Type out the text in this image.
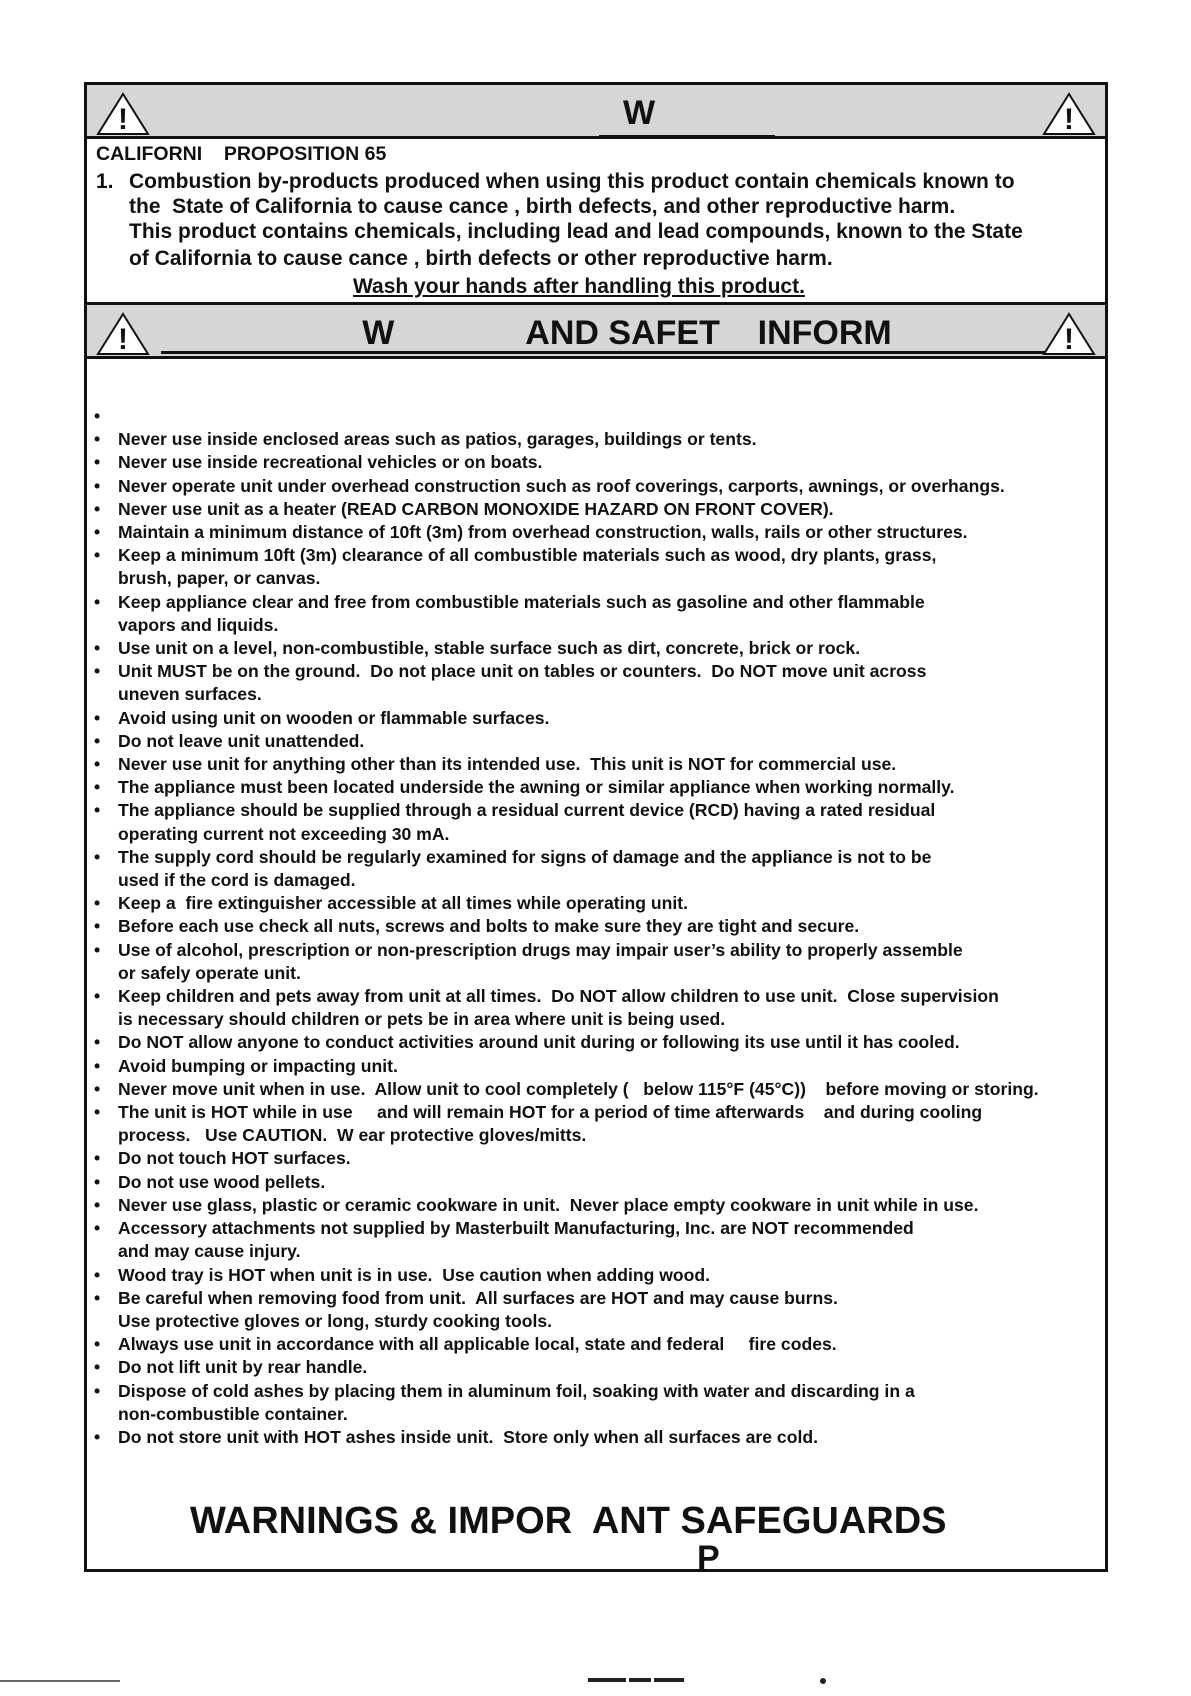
!	W	!
CALIFORNI    PROPOSITION 65
1. Combustion by-products produced when using this product contain chemicals known to
the  State of California to cause cance , birth defects, and other reproductive harm.
This product contains chemicals, including lead and lead compounds, known to the State
of California to cause cance , birth defects or other reproductive harm.
Wash your hands after handling this product.
!	W              AND SAFET    INFORM	!
•
• Never use inside enclosed areas such as patios, garages, buildings or tents.
• Never use inside recreational vehicles or on boats.
• Never operate unit under overhead construction such as roof coverings, carports, awnings, or overhangs.
• Never use unit as a heater (READ CARBON MONOXIDE HAZARD ON FRONT COVER).
• Maintain a minimum distance of 10ft (3m) from overhead construction, walls, rails or other structures.
• Keep a minimum 10ft (3m) clearance of all combustible materials such as wood, dry plants, grass,
brush, paper, or canvas.
• Keep appliance clear and free from combustible materials such as gasoline and other flammable
vapors and liquids.
• Use unit on a level, non-combustible, stable surface such as dirt, concrete, brick or rock.
• Unit MUST be on the ground.  Do not place unit on tables or counters.  Do NOT move unit across
uneven surfaces.
• Avoid using unit on wooden or flammable surfaces.
• Do not leave unit unattended.
• Never use unit for anything other than its intended use.  This unit is NOT for commercial use.
• The appliance must been located underside the awning or similar appliance when working normally.
• The appliance should be supplied through a residual current device (RCD) having a rated residual
operating current not exceeding 30 mA.
• The supply cord should be regularly examined for signs of damage and the appliance is not to be
used if the cord is damaged.
• Keep a  fire extinguisher accessible at all times while operating unit.
• Before each use check all nuts, screws and bolts to make sure they are tight and secure.
• Use of alcohol, prescription or non-prescription drugs may impair user’s ability to properly assemble
or safely operate unit.
• Keep children and pets away from unit at all times.  Do NOT allow children to use unit.  Close supervision
is necessary should children or pets be in area where unit is being used.
• Do NOT allow anyone to conduct activities around unit during or following its use until it has cooled.
• Avoid bumping or impacting unit.
• Never move unit when in use.  Allow unit to cool completely (   below 115°F (45°C))    before moving or storing.
• The unit is HOT while in use     and will remain HOT for a period of time afterwards    and during cooling
process.   Use CAUTION.  W ear protective gloves/mitts.
• Do not touch HOT surfaces.
• Do not use wood pellets.
• Never use glass, plastic or ceramic cookware in unit.  Never place empty cookware in unit while in use.
• Accessory attachments not supplied by Masterbuilt Manufacturing, Inc. are NOT recommended
and may cause injury.
• Wood tray is HOT when unit is in use.  Use caution when adding wood.
• Be careful when removing food from unit.  All surfaces are HOT and may cause burns.
Use protective gloves or long, sturdy cooking tools.
• Always use unit in accordance with all applicable local, state and federal     fire codes.
• Do not lift unit by rear handle.
• Dispose of cold ashes by placing them in aluminum foil, soaking with water and discarding in a
non-combustible container.
• Do not store unit with HOT ashes inside unit.  Store only when all surfaces are cold.
WARNINGS & IMPOR  ANT SAFEGUARDS
P
